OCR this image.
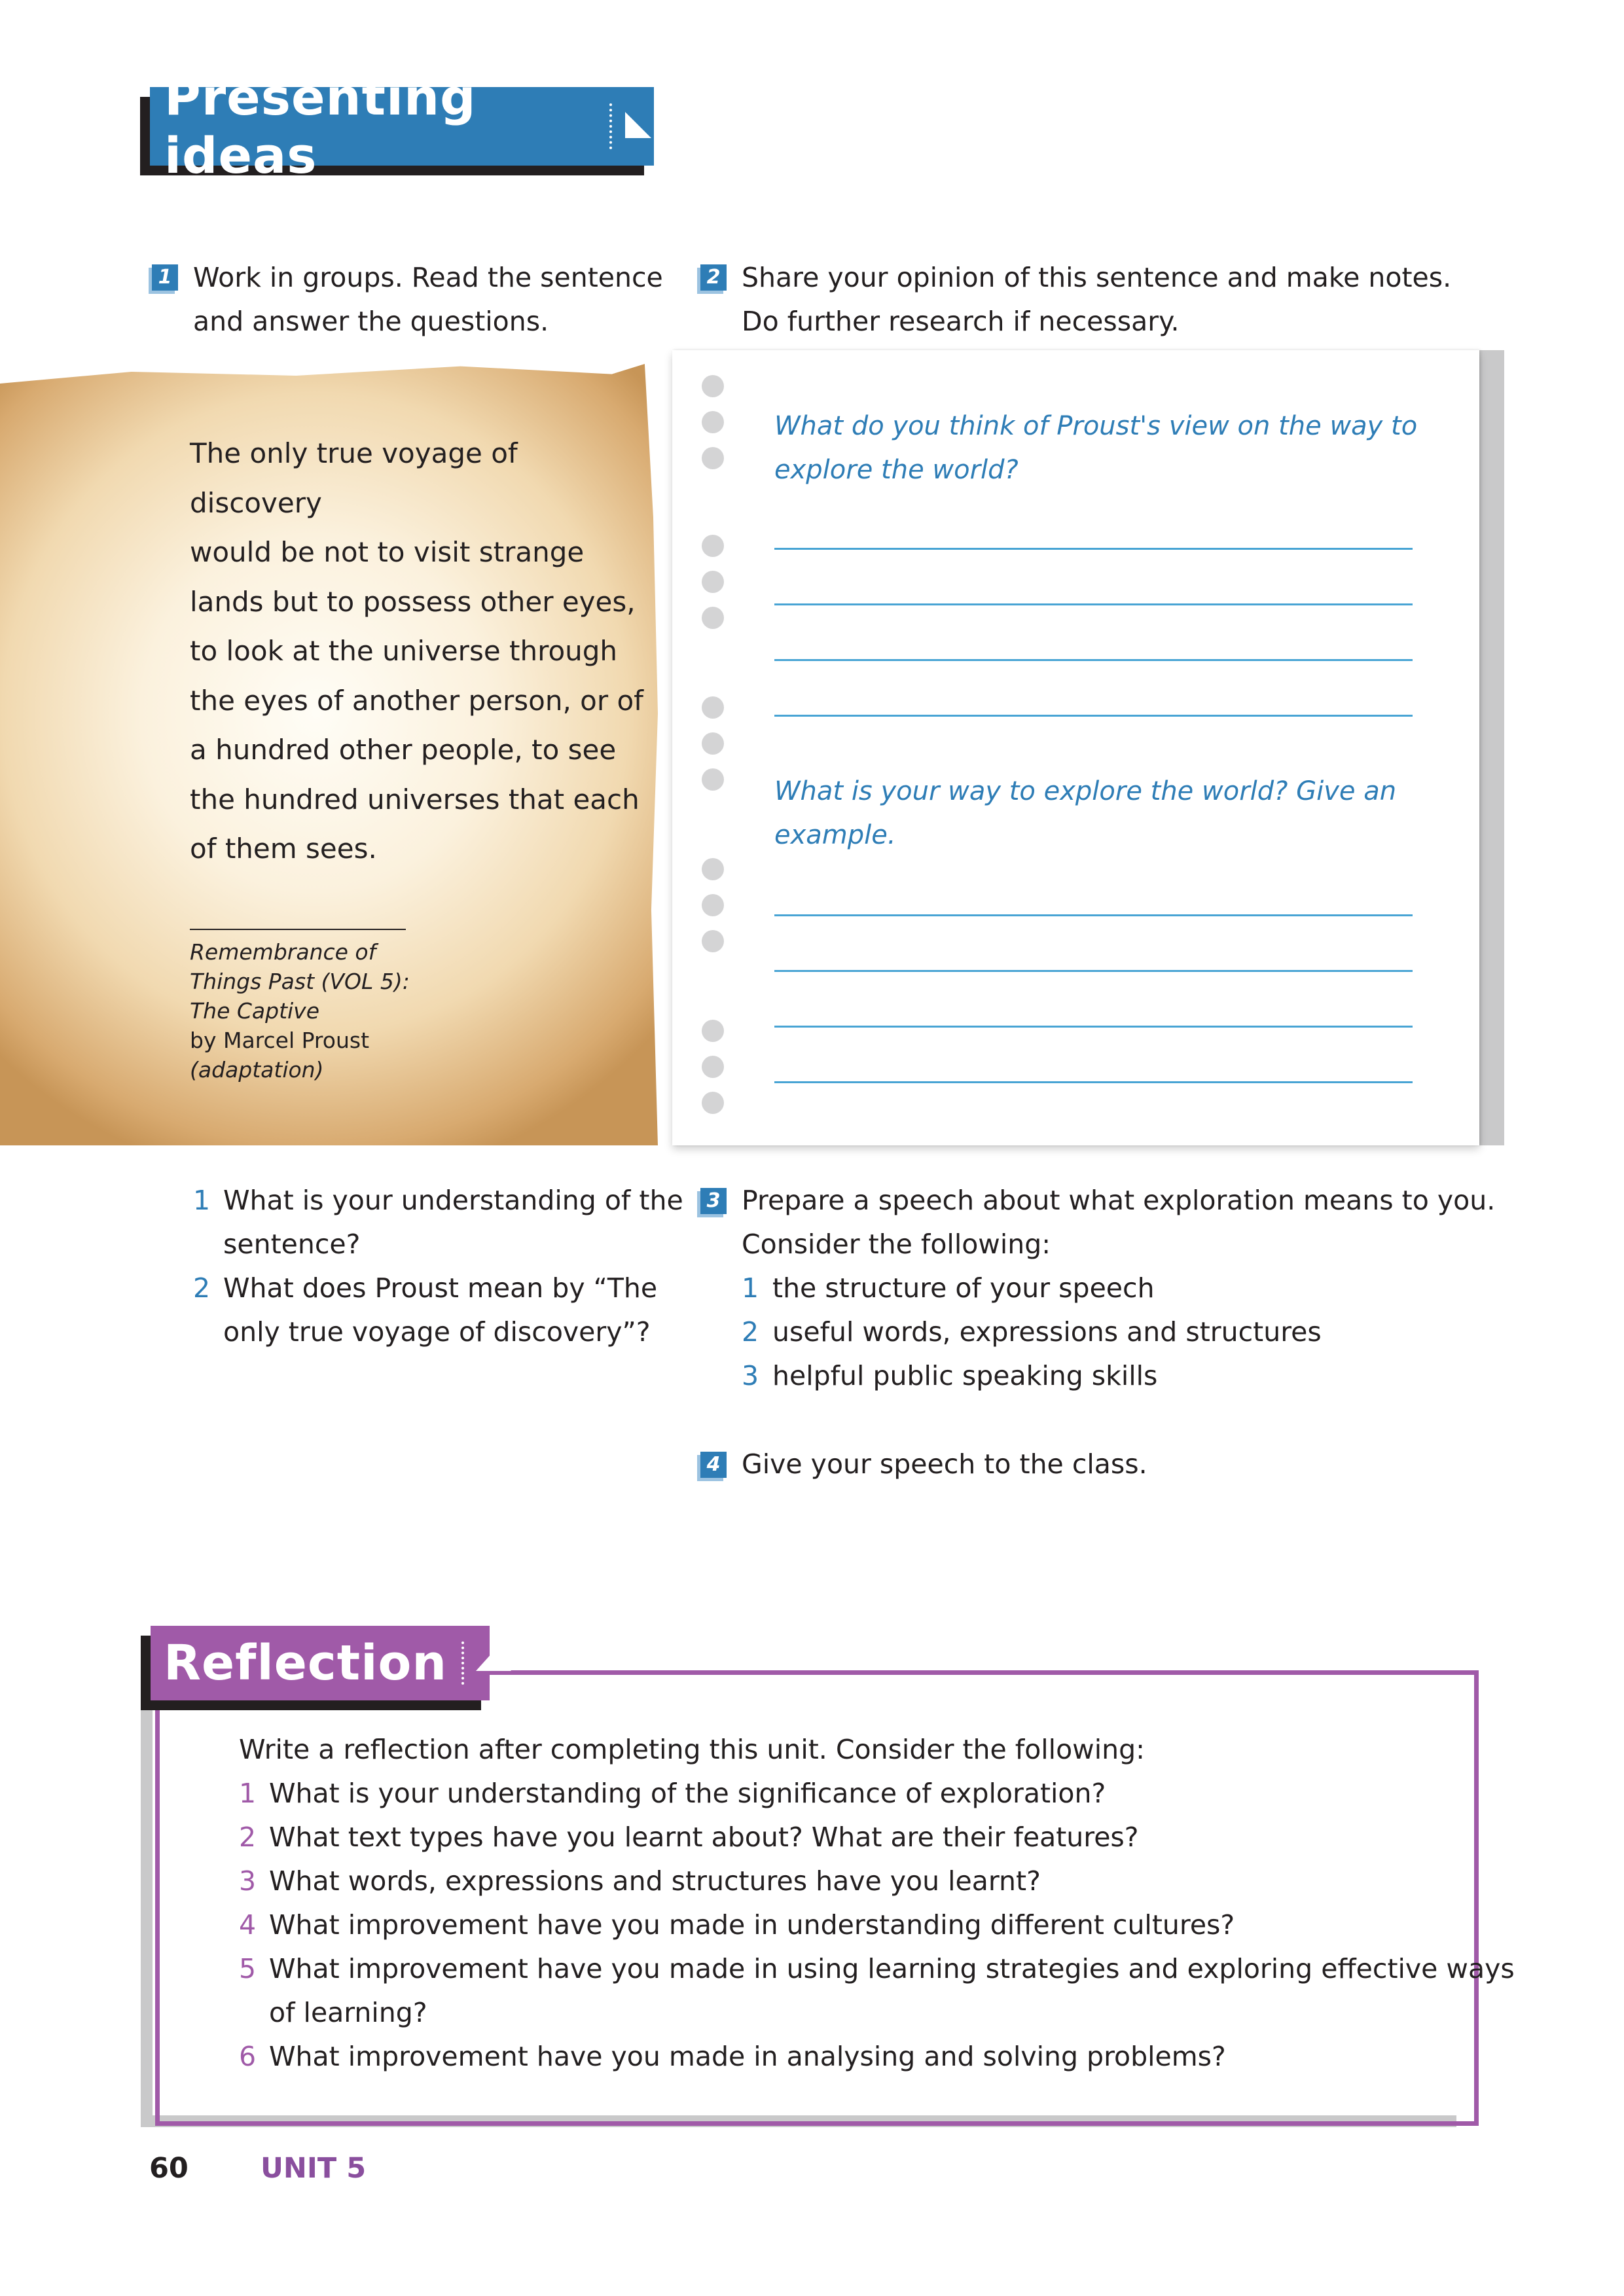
Presenting ideas
1 Work in groups. Read the sentence
and answer the questions.
The only true voyage of discovery
would be not to visit strange
lands but to possess other eyes,
to look at the universe through
the eyes of another person, or of
a hundred other people, to see
the hundred universes that each
of them sees.
Remembrance of
Things Past (VOL 5):
The Captive
by Marcel Proust
(adaptation)
1 What is your understanding of the
sentence?
2 What does Proust mean by “The
only true voyage of discovery”?
2 Share your opinion of this sentence and make notes.
Do further research if necessary.
What do you think of Proust's view on the way to
explore the world?
What is your way to explore the world? Give an
example.
3 Prepare a speech about what exploration means to you.
Consider the following:
1 the structure of your speech
2 useful words, expressions and structures
3 helpful public speaking skills
4 Give your speech to the class.
Reflection
Write a reflection after completing this unit. Consider the following:
1 What is your understanding of the significance of exploration?
2 What text types have you learnt about? What are their features?
3 What words, expressions and structures have you learnt?
4 What improvement have you made in understanding different cultures?
5 What improvement have you made in using learning strategies and exploring effective ways
of learning?
6 What improvement have you made in analysing and solving problems?
60	UNIT 5
